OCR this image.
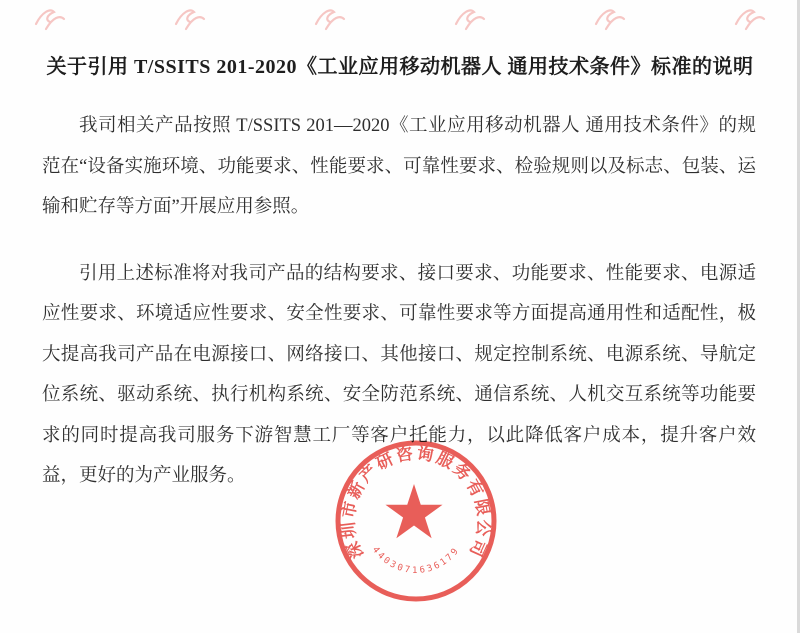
关于引用 T/SSITS 201-2020《工业应用移动机器人 通用技术条件》标准的说明

我司相关产品按照 T/SSITS 201—2020《工业应用移动机器人 通用技术条件》的规范在“设备实施环境、功能要求、性能要求、可靠性要求、检验规则以及标志、包装、运输和贮存等方面”开展应用参照。

引用上述标准将对我司产品的结构要求、接口要求、功能要求、性能要求、电源适应性要求、环境适应性要求、安全性要求、可靠性要求等方面提高通用性和适配性，极大提高我司产品在电源接口、网络接口、其他接口、规定控制系统、电源系统、导航定位系统、驱动系统、执行机构系统、安全防范系统、通信系统、人机交互系统等功能要求的同时提高我司服务下游智慧工厂等客户托能力，以此降低客户成本，提升客户效益，更好的为产业服务。

深圳市新产研咨询服务有限公司
4403071636179
